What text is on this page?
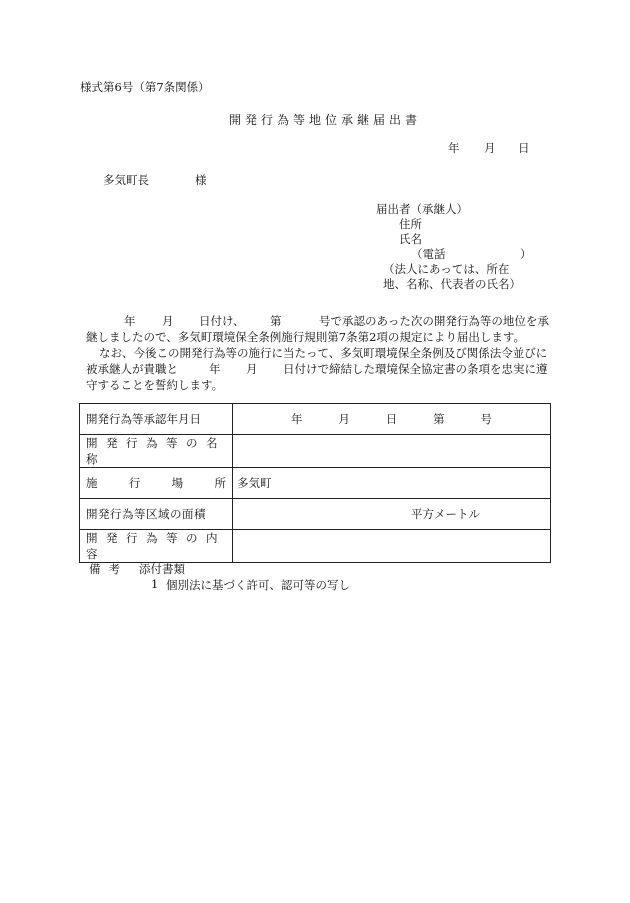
様式第6号（第7条関係）
開発行為等地位承継届出書
年 月 日
多気町長	様
届出者（承継人）
住所
氏名
（電話	）
（法人にあっては、所在
地、名称、代表者の氏名）
年 月 日付け、 第	号で承認のあった次の開発行為等の地位を承
継しましたので、多気町環境保全条例施行規則第7条第2項の規定により届出します。
なお、今後この開発行為等の施行に当たって、多気町環境保全条例及び関係法令並びに
被承継人が貴職と	年 月 日付けで締結した環境保全協定書の条項を忠実に遵
守することを誓約します。
開発行為等承認年月日	年 月 日 第 号

開発行為等の名称	

施 行 場 所	多気町
開発行為等区域の面積	平方メートル
開発行為等の内容	
備考 添付書類
1 個別法に基づく許可、認可等の写し
